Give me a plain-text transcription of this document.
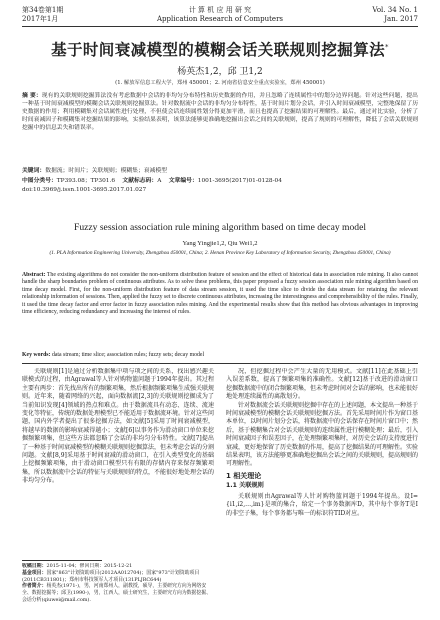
第34卷第1期
2017年1月
计 算 机 应 用 研 究
Application Research of Computers
Vol. 34 No. 1
Jan. 2017
基于时间衰减模型的模糊会话关联规则挖掘算法*
杨英杰1,2，邱 卫1,2
(1. 解放军信息工程大学，郑州 450001；2. 河南省信息安全重点实验室，郑州 450001)
摘 要：现有的关联规则挖掘算法没有考虑数据中会话的非均匀分布特性和历史数据的作用，并且忽略了连续属性中的划分边界问题。针对这些问题，提出一种基于时间衰减模型的模糊会话关联规则挖掘算法。针对数据流中会话的非均匀分布特性，基于时间片划分会话，并引入时间衰减模型，完整地保留了历史数据的作用；利用模糊集对会话属性进行处理，不但使会话连续属性划分得更加平滑，而且也提高了挖掘结果的可理解性。最后，通过对比实验，分析了时间衰减因子和模糊集对挖掘结果的影响，实验结果表明，该算法能够更准确地挖掘出会话之间的关联规则，提高了规则的可理解性，降低了会话关联规则挖掘中的信息丢失和错误率。
关键词：数据流；时间片；关联规则；模糊集；衰减模型
中图分类号：TP393.08；TP301.6 文献标志码：A 文章编号：1001-3695(2017)01-0128-04
doi:10.3969/j.issn.1001-3695.2017.01.027
Fuzzy session association rule mining algorithm based on time decay model
Yang Yingjie1,2, Qiu Wei1,2
(1. PLA Information Engineering University, Zhengzhou 450001, China; 2. Henan Province Key Laboratory of Information Security, Zhengzhou 450001, China)
Abstract: The existing algorithms do not consider the non-uniform distribution feature of session and the effect of historical data in association rule mining. It also cannot handle the sharp boundaries problem of continuous attributes. As to solve these problems, this paper proposed a fuzzy session association rule mining algorithm based on time decay model. First, for the non-uniform distribution feature of data stream session, it used the time slice to divide the data stream for retaining the relevant relationship information of sessions. Then, applied the fuzzy set to discrete continuous attributes, increasing the interestingness and comprehensibility of the rules. Finally, it used the time decay factor and error factor in fuzzy association rules mining. And the experimental results show that this method has obvious advantages in improving time efficiency, reducing redundancy and increasing the interest of rules.
Key words: data stream; time slice; association rules; fuzzy sets; decay model

关联规则[1]是通过分析数据集中项与项之间的关系，找出感兴趣关联模式的过程，由Agrawal等人针对购物篮问题于1994年提出。其过程主要有两步：首先找出所有的频繁项集，然后根据频繁项集生成强关联规则。近年来，随着网络的兴起，面向数据流[2,3]的关联规则挖掘成为了当前知识发现[4]领域的热点和难点。由于数据流具有动态、连续、流速变化等特征，传统的数据处理模型已不能适用于数据流环境。针对这些问题，国内外学者提出了很多挖掘方法，如文献[5]采用了时间衰减模型，将越早的数据的影响衰减得越小；文献[6]以事务作为滑动窗口单位来挖掘频繁项集，但这些方法都忽略了会话的非均匀分布特性。文献[7]提出了一种基于时间衰减模型的模糊关联规则挖掘算法，但未考虑会话的分割问题。文献[8,9]采用基于时间衰减的滑动窗口，在引入类型变化的基础上挖掘频繁项集，由于滑动窗口模型只有有限的存储内存来保存频繁项集，所以数据流中会话的特征与关联规则的特点，不能很好地处理会话的非均匀分布。

况，但挖掘过程中会产生大量的无用模式。文献[11]在此基础上引入误差系数，提高了频繁项集的准确性。文献[12]基于改进的滑动窗口挖掘数据流中的闭合频繁项集，但未考虑时间对会话的影响，也未能很好地处理连续属性的离散划分。

针对数据流会话关联规则挖掘中存在的上述问题，本文提出一种基于时间衰减模型的模糊会话关联规则挖掘方法。首先采用时间片作为窗口基本单位，以时间片划分会话，将数据流中的会话保存在时间片窗口中；然后，基于模糊集合对会话关联规则的连续属性进行模糊处理；最后，引入时间衰减因子和误差因子，在处理频繁项集时，对历史会话的支持度进行衰减，更好地保留了历史数据的作用，提高了挖掘结果的可理解性。实验结果表明，该方法能够更准确地挖掘出会话之间的关联规则，提高规则的可理解性。

1 相关理论
1.1 关联规则

关联规则由Agrawal等人针对购物篮问题于1994年提出。设I={i1,i2,…,im}是项的集合，给定一个事务数据库D，其中每个事务T是I的非空子集，每个事务都与唯一的标识符TID对应。

收稿日期：2015-11-04；修回日期：2015-12-21
基金项目：国家"863"计划资助项目(2012AA012704)；国家"973"计划资助项目(2011CB311801)；郑州市科技领军人才项目(131PLJRC644)
作者简介：杨英杰(1971-)，男，河南郑州人，副教授，硕导，主要研究方向为网络安全、数据挖掘等；邱卫(1990-)，男，江西人，硕士研究生，主要研究方向为数据挖掘、会话分析(qiuwei@mail.com).
